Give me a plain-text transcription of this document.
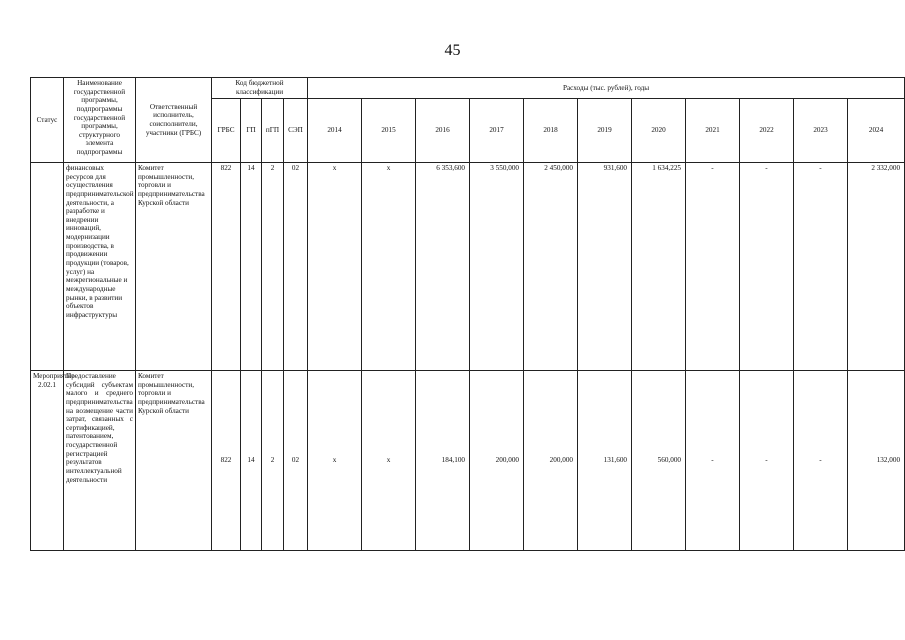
45
Статус	Наименование государственной программы, подпрограммы государственной программы, структурного элемента подпрограммы	Ответственный исполнитель, соисполнители, участники (ГРБС)	Код бюджетной классификации				Расходы (тыс. рублей), годы										
			ГРБС	ГП	пГП	СЭП	2014	2015	2016	2017	2018	2019	2020	2021	2022	2023	2024
	финансовых ресурсов для осуществления предпринимательской деятельности, а разработке и внедрении инноваций, модернизации производства, в продвижении продукции (товаров, услуг) на межрегиональные и международные рынки, в развитии объектов инфраструктуры	Комитет промышленности, торговли и предпринимательства Курской области	822	14	2	02	х	х	6 353,600	3 550,000	2 450,000	931,600	1 634,225	-	-	-	2 332,000
Мероприятие 2.02.1	Предоставление субсидий субъектам малого и среднего предпринимательства на возмещение части затрат, связанных с сертификацией, патентованием, государственной регистрацией результатов интеллектуальной деятельности	Комитет промышленности, торговли и предпринимательства Курской области	822	14	2	02	х	х	184,100	200,000	200,000	131,600	560,000	-	-	-	132,000
